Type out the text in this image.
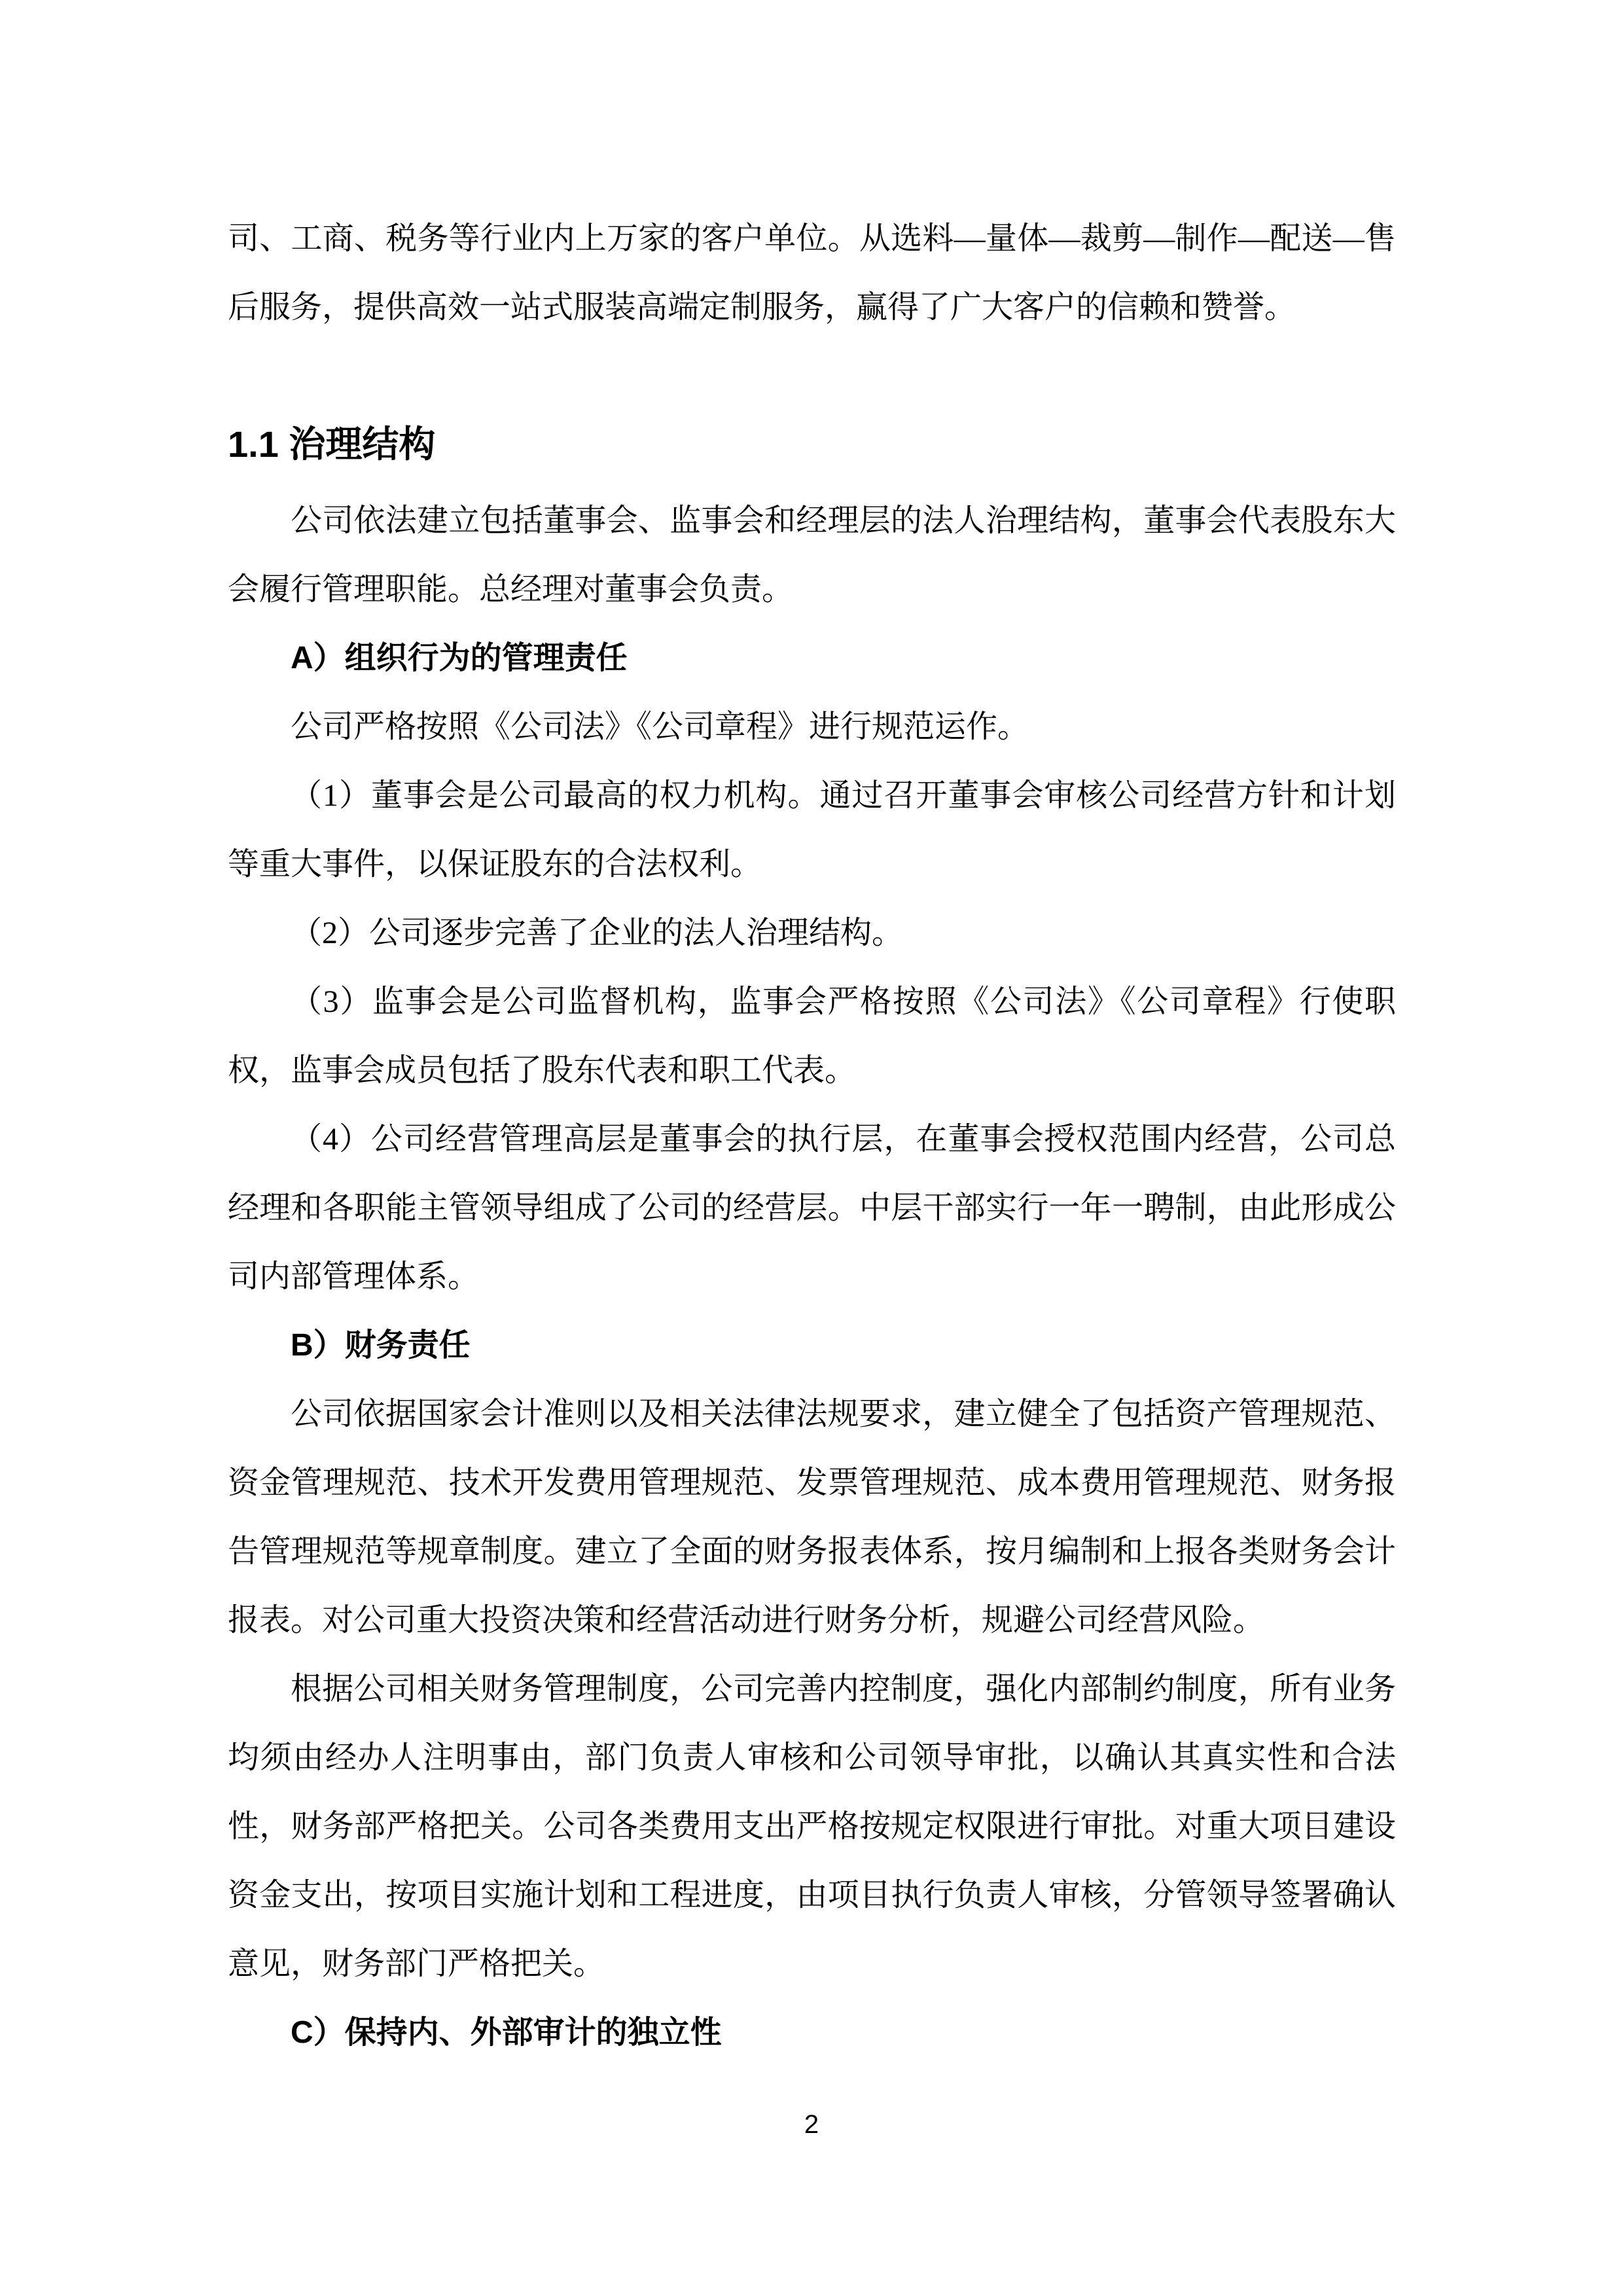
司、工商、税务等行业内上万家的客户单位。从选料—量体—裁剪—制作—配送—售后服务，提供高效一站式服装高端定制服务，赢得了广大客户的信赖和赞誉。

1.1 治理结构

公司依法建立包括董事会、监事会和经理层的法人治理结构，董事会代表股东大会履行管理职能。总经理对董事会负责。

A）组织行为的管理责任

公司严格按照《公司法》《公司章程》进行规范运作。

（1）董事会是公司最高的权力机构。通过召开董事会审核公司经营方针和计划等重大事件，以保证股东的合法权利。

（2）公司逐步完善了企业的法人治理结构。

（3）监事会是公司监督机构，监事会严格按照《公司法》《公司章程》行使职权，监事会成员包括了股东代表和职工代表。

（4）公司经营管理高层是董事会的执行层，在董事会授权范围内经营，公司总经理和各职能主管领导组成了公司的经营层。中层干部实行一年一聘制，由此形成公司内部管理体系。

B）财务责任

公司依据国家会计准则以及相关法律法规要求，建立健全了包括资产管理规范、资金管理规范、技术开发费用管理规范、发票管理规范、成本费用管理规范、财务报告管理规范等规章制度。建立了全面的财务报表体系，按月编制和上报各类财务会计报表。对公司重大投资决策和经营活动进行财务分析，规避公司经营风险。

根据公司相关财务管理制度，公司完善内控制度，强化内部制约制度，所有业务均须由经办人注明事由，部门负责人审核和公司领导审批，以确认其真实性和合法性，财务部严格把关。公司各类费用支出严格按规定权限进行审批。对重大项目建设资金支出，按项目实施计划和工程进度，由项目执行负责人审核，分管领导签署确认意见，财务部门严格把关。

C）保持内、外部审计的独立性

2
